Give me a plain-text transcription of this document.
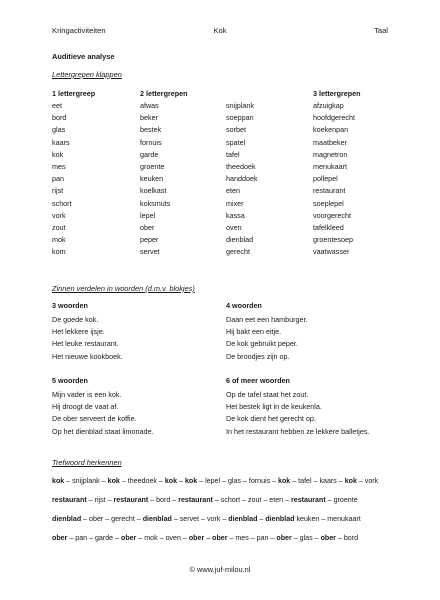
Kringactiviteiten	Kok	Taal
Auditieve analyse
Lettergrepen klappen
1 lettergreep
eet
bord
glas
kaars
kok
mes
pan
rijst
schort
vork
zout
mok
kom
2 lettergrepen
afwas
beker
bestek
fornuis
garde
groente
keuken
koelkast
koksmuts
lepel
ober
peper
servet
snijplank
soeppan
sorbet
spatel
tafel
theedoek
handdoek
eten
mixer
kassa
oven
dienblad
gerecht
3 lettergrepen
afzuigkap
hoofdgerecht
koekenpan
maatbeker
magnetron
menukaart
pollepel
restaurant
soeplepel
voorgerecht
tafelkleed
groentesoep
vaatwasser
Zinnen verdelen in woorden (d.m.v. blokjes)
3 woorden
De goede kok.
Het lekkere ijsje.
Het leuke restaurant.
Het nieuwe kookboek.
4 woorden
Daan eet een hamburger.
Hij bakt een eitje.
De kok gebruikt peper.
De broodjes zijn op.
5 woorden
Mijn vader is een kok.
Hij droogt de vaat af.
De ober serveert de koffie.
Op het dienblad staat limonade.
6 of meer woorden
Op de tafel staat het zout.
Het bestek ligt in de keukenla.
De kok dient het gerecht op.
In het restaurant hebben ze lekkere balletjes.
Trefwoord herkennen
kok – snijplank – kok – theedoek – kok – kok – lepel – glas – fornuis – kok – tafel – kaars – kok – vork
restaurant – rijst – restaurant – bord – restaurant – schort – zout – eten – restaurant – groente
dienblad – ober – gerecht – dienblad – servet – vork – dienblad – dienblad keuken – menukaart
ober – pan – garde – ober – mok – oven – ober – ober – mes – pan – ober – glas – ober – bord
© www.juf-milou.nl
